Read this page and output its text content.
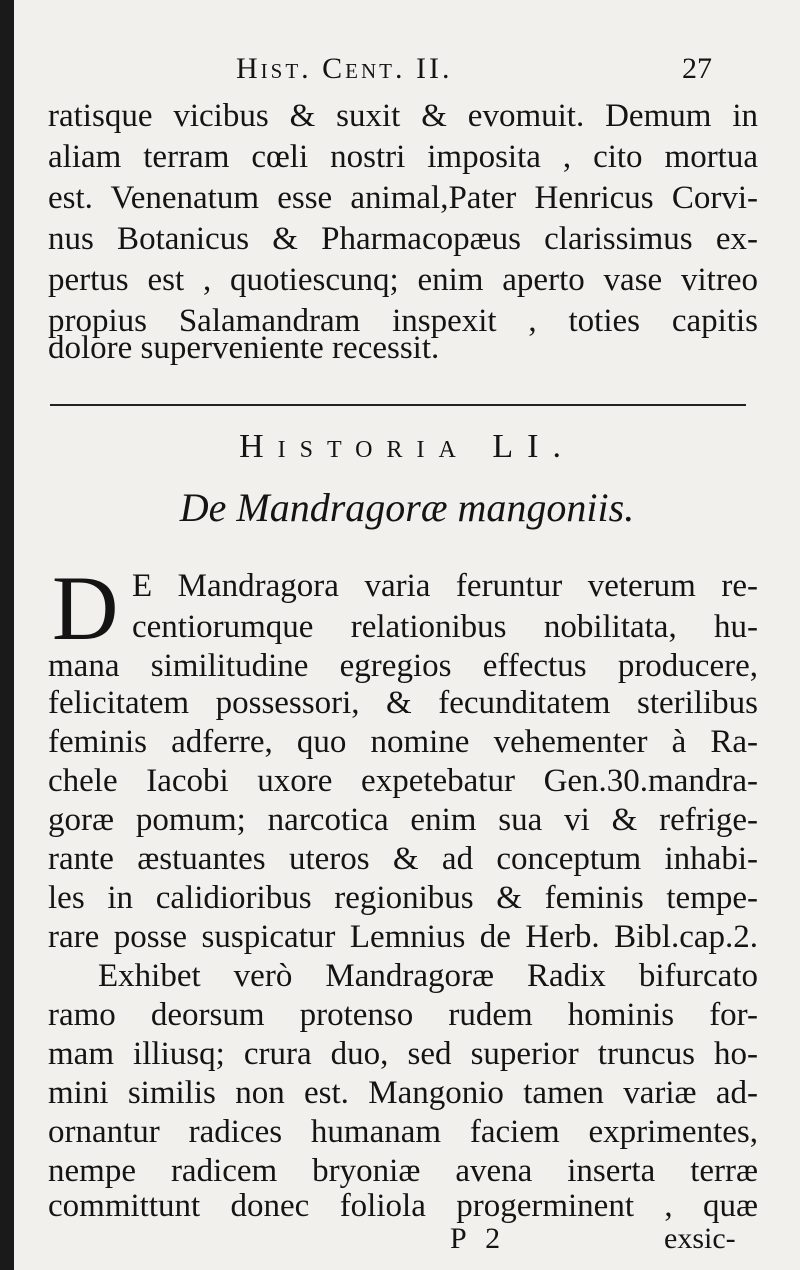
Hist. Cent. II.	27
ratisque vicibus & suxit & evomuit. Demum in
aliam terram cœli nostri imposita , cito mortua
est. Venenatum esse animal,Pater Henricus Corvi-
nus Botanicus & Pharmacopæus clarissimus ex-
pertus est , quotiescunq; enim aperto vase vitreo
propius Salamandram inspexit , toties capitis
dolore superveniente recessit.
Historia LI.
De Mandragoræ mangoniis.
D E Mandragora varia feruntur veterum re-
centiorumque relationibus nobilitata, hu-
mana similitudine egregios effectus producere,
felicitatem possessori, & fecunditatem sterilibus
feminis adferre, quo nomine vehementer à Ra-
chele Iacobi uxore expetebatur Gen.30.mandra-
goræ pomum; narcotica enim sua vi & refrige-
rante æstuantes uteros & ad conceptum inhabi-
les in calidioribus regionibus & feminis tempe-
rare posse suspicatur Lemnius de Herb. Bibl.cap.2.
Exhibet verò Mandragoræ Radix bifurcato
ramo deorsum protenso rudem hominis for-
mam illiusq; crura duo, sed superior truncus ho-
mini similis non est. Mangonio tamen variæ ad-
ornantur radices humanam faciem exprimentes,
nempe radicem bryoniæ avena inserta terræ
committunt donec foliola progerminent , quæ
P 2	exsic-
